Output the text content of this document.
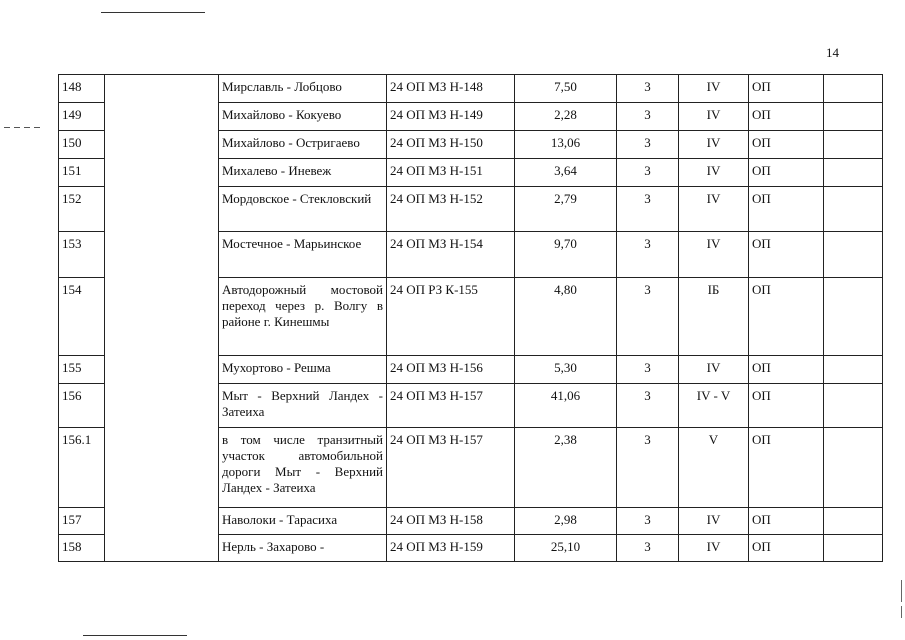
14
148		Мирславль - Лобцово	24 ОП МЗ Н-148	7,50	3	IV	ОП	
149		Михайлово - Кокуево	24 ОП МЗ Н-149	2,28	3	IV	ОП	
150		Михайлово - Остригаево	24 ОП МЗ Н-150	13,06	3	IV	ОП	
151		Михалево - Иневеж	24 ОП МЗ Н-151	3,64	3	IV	ОП	
152		Мордовское - Стекловский	24 ОП МЗ Н-152	2,79	3	IV	ОП	
153		Мостечное - Марьинское	24 ОП МЗ Н-154	9,70	3	IV	ОП	
154		Автодорожный мостовой переход через р. Волгу в районе г. Кинешмы	24 ОП РЗ К-155	4,80	3	IБ	ОП	
155		Мухортово - Решма	24 ОП МЗ Н-156	5,30	3	IV	ОП	
156		Мыт - Верхний Ландех - Затеиха	24 ОП МЗ Н-157	41,06	3	IV - V	ОП	
156.1		в том числе транзитный участок автомобильной дороги Мыт - Верхний Ландех - Затеиха	24 ОП МЗ Н-157	2,38	3	V	ОП	
157		Наволоки - Тарасиха	24 ОП МЗ Н-158	2,98	3	IV	ОП	
158		Нерль - Захарово -	24 ОП МЗ Н-159	25,10	3	IV	ОП	
